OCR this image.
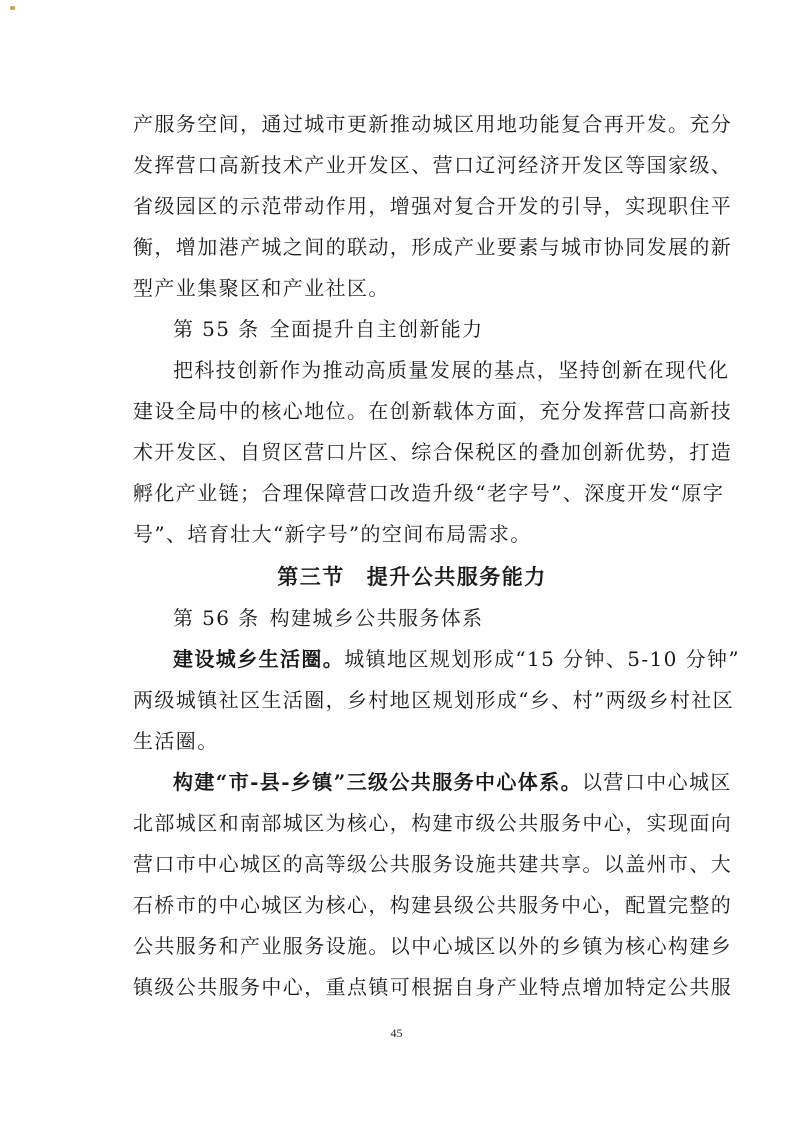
产服务空间，通过城市更新推动城区用地功能复合再开发。充分
发挥营口高新技术产业开发区、营口辽河经济开发区等国家级、
省级园区的示范带动作用，增强对复合开发的引导，实现职住平
衡，增加港产城之间的联动，形成产业要素与城市协同发展的新
型产业集聚区和产业社区。
第 55 条 全面提升自主创新能力
把科技创新作为推动高质量发展的基点，坚持创新在现代化
建设全局中的核心地位。在创新载体方面，充分发挥营口高新技
术开发区、自贸区营口片区、综合保税区的叠加创新优势，打造
孵化产业链；合理保障营口改造升级“老字号”、深度开发“原字
号”、培育壮大“新字号”的空间布局需求。
第三节 提升公共服务能力
第 56 条 构建城乡公共服务体系
建设城乡生活圈。城镇地区规划形成“15 分钟、5-10 分钟”
两级城镇社区生活圈，乡村地区规划形成“乡、村”两级乡村社区
生活圈。
构建“市-县-乡镇”三级公共服务中心体系。以营口中心城区
北部城区和南部城区为核心，构建市级公共服务中心，实现面向
营口市中心城区的高等级公共服务设施共建共享。以盖州市、大
石桥市的中心城区为核心，构建县级公共服务中心，配置完整的
公共服务和产业服务设施。以中心城区以外的乡镇为核心构建乡
镇级公共服务中心，重点镇可根据自身产业特点增加特定公共服
45
